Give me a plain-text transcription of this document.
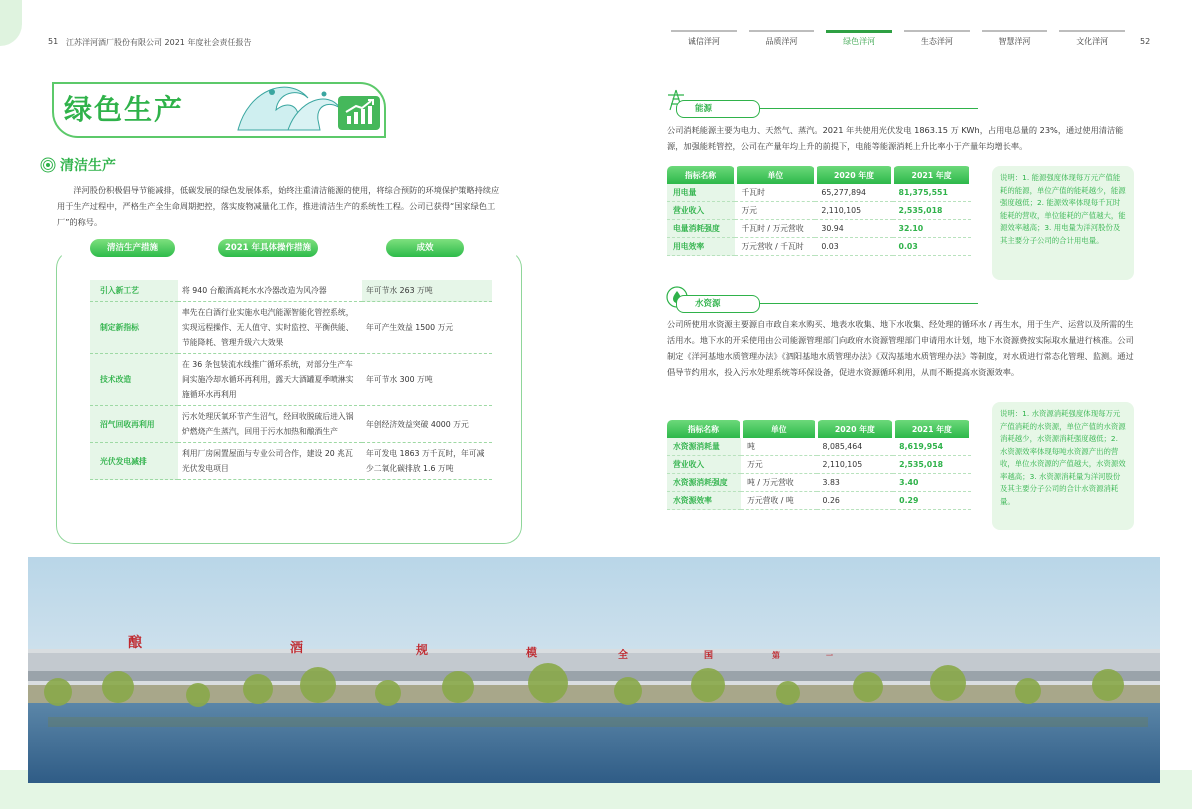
51 江苏洋河酒厂股份有限公司 2021 年度社会责任报告	诚信洋河	品质洋河	绿色洋河	生态洋河	智慧洋河	文化洋河	52
绿色生产
清洁生产
洋河股份积极倡导节能减排，低碳发展的绿色发展体系，始终注重清洁能源的使用，将综合预防的环境保护策略持续应用于生产过程中，严格生产全生命周期把控，落实废物减量化工作，推进清洁生产的系统性工程。公司已获得“国家绿色工厂”的称号。
清洁生产措施	2021 年具体操作措施	成效
引入新工艺	将 940 台酿酒高耗水水冷器改造为风冷器	年可节水 263 万吨
制定新指标	率先在白酒行业实施水电汽能源智能化管控系统，实现远程操作、无人值守、实时监控、平衡供能、节能降耗、管理升级六大效果	年可产生效益 1500 万元
技术改造	在 36 条包装流水线推广循环系统，对部分生产车间实施冷却水循环再利用，露天大酒罐夏季喷淋实施循环水再利用	年可节水 300 万吨
沼气回收再利用	污水处理厌氧环节产生沼气，经回收脱硫后进入锅炉燃烧产生蒸汽，回用于污水加热和酿酒生产	年创经济效益突破 4000 万元
光伏发电减排	利用厂房闲置屋面与专业公司合作，建设 20 兆瓦光伏发电项目	年可发电 1863 万千瓦时，年可减少二氧化碳排放 1.6 万吨
能源
公司消耗能源主要为电力、天然气、蒸汽。2021 年共使用光伏发电 1863.15 万 KWh，占用电总量的 23%，通过使用清洁能源，加强能耗管控，公司在产量年均上升的前提下，电能等能源消耗上升比率小于产量年均增长率。
指标名称	单位	2020 年度	2021 年度
用电量	千瓦时	65,277,894	81,375,551
营业收入	万元	2,110,105	2,535,018
电量消耗强度	千瓦时 / 万元营收	30.94	32.10
用电效率	万元营收 / 千瓦时	0.03	0.03
说明：1. 能源强度体现每万元产值能耗的能源，单位产值的能耗越少，能源强度越低；2. 能源效率体现每千瓦时能耗的营收，单位能耗的产值越大，能源效率越高；3. 用电量为洋河股份及其主要分子公司的合计用电量。
水资源
公司所使用水资源主要源自市政自来水购买、地表水收集、地下水收集、经处理的循环水 / 再生水，用于生产、运营以及所需的生活用水。地下水的开采使用由公司能源管理部门向政府水资源管理部门申请用水计划，地下水资源费按实际取水量进行核准。公司制定《洋河基地水质管理办法》《泗阳基地水质管理办法》《双沟基地水质管理办法》等制度，对水质进行常态化管理、监测。通过倡导节约用水，投入污水处理系统等环保设备，促进水资源循环利用，从而不断提高水资源效率。
指标名称	单位	2020 年度	2021 年度
水资源消耗量	吨	8,085,464	8,619,954
营业收入	万元	2,110,105	2,535,018
水资源消耗强度	吨 / 万元营收	3.83	3.40
水资源效率	万元营收 / 吨	0.26	0.29
说明：1. 水资源消耗强度体现每万元产值消耗的水资源，单位产值的水资源消耗越少，水资源消耗强度越低；2. 水资源效率体现每吨水资源产出的营收，单位水资源的产值越大，水资源效率越高；3. 水资源消耗量为洋河股份及其主要分子公司的合计水资源消耗量。
酿	酒	规	模	全	国	第	一
